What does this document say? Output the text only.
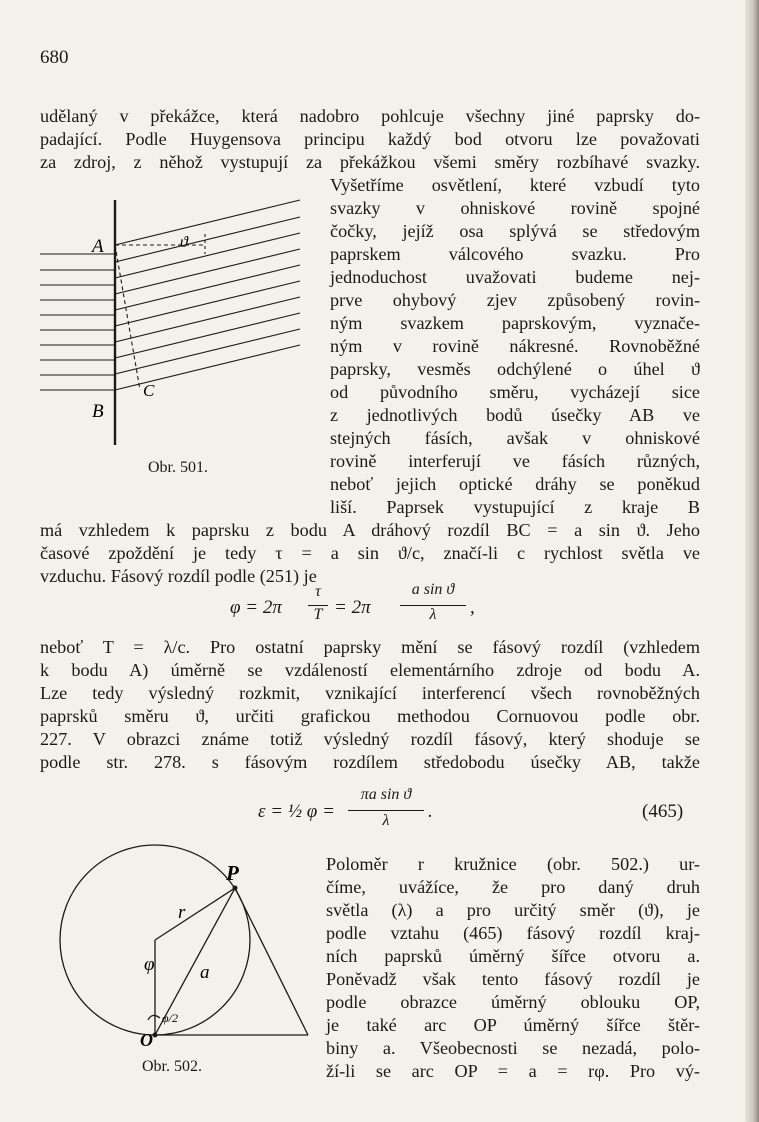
680
udělaný v překážce, která nadobro pohlcuje všechny jiné paprsky do-
padající. Podle Huygensova principu každý bod otvoru lze považovati
za zdroj, z něhož vystupují za překážkou všemi směry rozbíhavé svazky.
Vyšetříme osvětlení, které vzbudí tyto
svazky v ohniskové rovině spojné
čočky, jejíž osa splývá se středovým
paprskem válcového svazku. Pro
jednoduchost uvažovati budeme nej-
prve ohybový zjev způsobený rovin-
ným svazkem paprskovým, vyznače-
ným v rovině nákresné. Rovnoběžné
paprsky, vesměs odchýlené o úhel ϑ
od původního směru, vycházejí sice
z jednotlivých bodů úsečky AB ve
stejných fásích, avšak v ohniskové
rovině interferují ve fásích různých,
neboť jejich optické dráhy se poněkud
liší. Paprsek vystupující z kraje B
A
B
C
ϑ
Obr. 501.
má vzhledem k paprsku z bodu A dráhový rozdíl BC = a sin ϑ. Jeho
časové zpoždění je tedy τ = a sin ϑ/c, značí-li c rychlost světla ve
vzduchu. Fásový rozdíl podle (251) je
φ = 2π
τ
T = 2π
a sin ϑ
λ	,
neboť T = λ/c. Pro ostatní paprsky mění se fásový rozdíl (vzhledem
k bodu A) úměrně se vzdáleností elementárního zdroje od bodu A.
Lze tedy výsledný rozkmit, vznikající interferencí všech rovnoběžných
paprsků směru ϑ, určiti grafickou methodou Cornuovou podle obr.
227. V obrazci známe totiž výsledný rozdíl fásový, který shoduje se
podle str. 278. s fásovým rozdílem středobodu úsečky AB, takže
ε = ½ φ =
πa sin ϑ
λ	.	(465)
Poloměr r kružnice (obr. 502.) ur-
číme, uvážíce, že pro daný druh
světla (λ) a pro určitý směr (ϑ), je
podle vztahu (465) fásový rozdíl kraj-
ních paprsků úměrný šířce otvoru a.
Poněvadž však tento fásový rozdíl je
podle obrazce úměrný oblouku OP,
je také arc OP úměrný šířce štěr-
biny a. Všeobecnosti se nezadá, polo-
ží-li se arc OP = a = rφ. Pro vý-
P
O
r
φ a
φ/2
Obr. 502.
